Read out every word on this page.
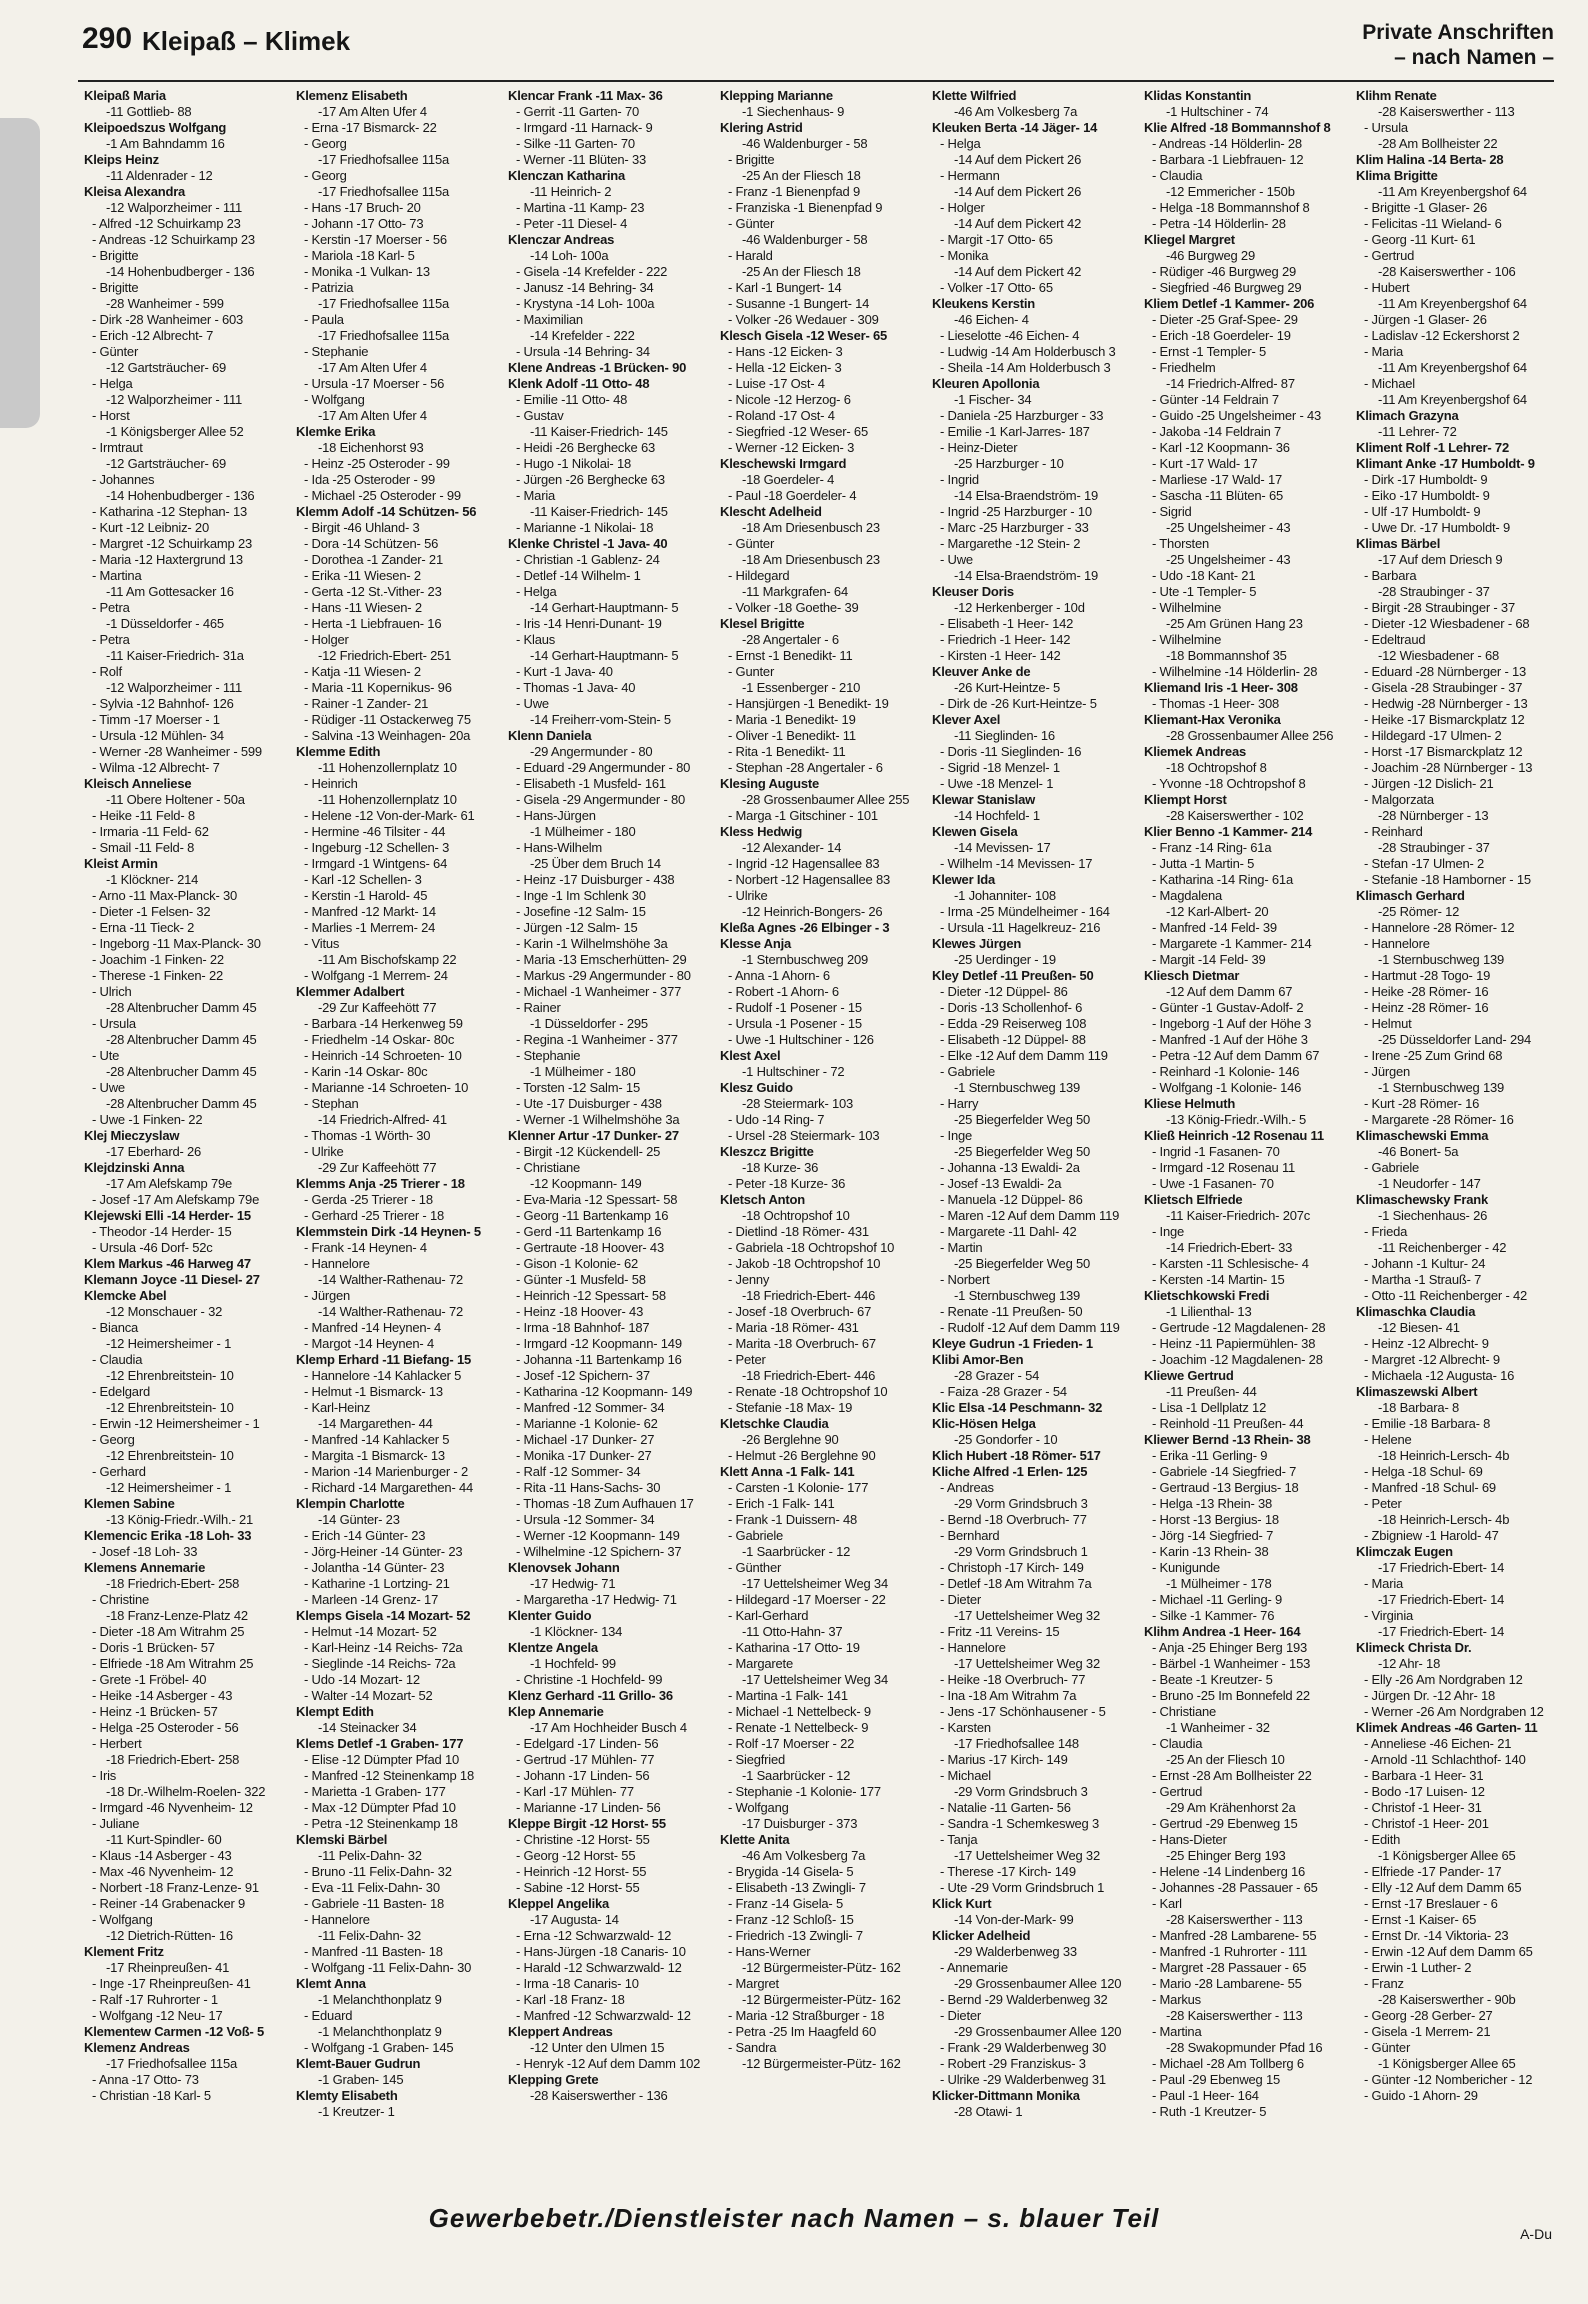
290 Kleipaß – Klimek	Private Anschriften
– nach Namen –
Kleipaß Maria
-11 Gottlieb- 88
Kleipoedszus Wolfgang
-1 Am Bahndamm 16
Kleips Heinz
-11 Aldenrader - 12
Kleisa Alexandra
-12 Walporzheimer - 111
- Alfred -12 Schuirkamp 23
- Andreas -12 Schuirkamp 23
- Brigitte
-14 Hohenbudberger - 136
- Brigitte
-28 Wanheimer - 599
- Dirk -28 Wanheimer - 603
- Erich -12 Albrecht- 7
- Günter
-12 Gartsträucher- 69
- Helga
-12 Walporzheimer - 111
- Horst
-1 Königsberger Allee 52
- Irmtraut
-12 Gartsträucher- 69
- Johannes
-14 Hohenbudberger - 136
- Katharina -12 Stephan- 13
- Kurt -12 Leibniz- 20
- Margret -12 Schuirkamp 23
- Maria -12 Haxtergrund 13
- Martina
-11 Am Gottesacker 16
- Petra
-1 Düsseldorfer - 465
- Petra
-11 Kaiser-Friedrich- 31a
- Rolf
-12 Walporzheimer - 111
- Sylvia -12 Bahnhof- 126
- Timm -17 Moerser - 1
- Ursula -12 Mühlen- 34
- Werner -28 Wanheimer - 599
- Wilma -12 Albrecht- 7
Kleisch Anneliese
-11 Obere Holtener - 50a
- Heike -11 Feld- 8
- Irmaria -11 Feld- 62
- Smail -11 Feld- 8
Kleist Armin
-1 Klöckner- 214
- Arno -11 Max-Planck- 30
- Dieter -1 Felsen- 32
- Erna -11 Tieck- 2
- Ingeborg -11 Max-Planck- 30
- Joachim -1 Finken- 22
- Therese -1 Finken- 22
- Ulrich
-28 Altenbrucher Damm 45
- Ursula
-28 Altenbrucher Damm 45
- Ute
-28 Altenbrucher Damm 45
- Uwe
-28 Altenbrucher Damm 45
- Uwe -1 Finken- 22
Klej Mieczyslaw
-17 Eberhard- 26
Klejdzinski Anna
-17 Am Alefskamp 79e
- Josef -17 Am Alefskamp 79e
Klejewski Elli -14 Herder- 15
- Theodor -14 Herder- 15
- Ursula -46 Dorf- 52c
Klem Markus -46 Harweg 47
Klemann Joyce -11 Diesel- 27
Klemcke Abel
-12 Monschauer - 32
- Bianca
-12 Heimersheimer - 1
- Claudia
-12 Ehrenbreitstein- 10
- Edelgard
-12 Ehrenbreitstein- 10
- Erwin -12 Heimersheimer - 1
- Georg
-12 Ehrenbreitstein- 10
- Gerhard
-12 Heimersheimer - 1
Klemen Sabine
-13 König-Friedr.-Wilh.- 21
Klemencic Erika -18 Loh- 33
- Josef -18 Loh- 33
Klemens Annemarie
-18 Friedrich-Ebert- 258
- Christine
-18 Franz-Lenze-Platz 42
- Dieter -18 Am Witrahm 25
- Doris -1 Brücken- 57
- Elfriede -18 Am Witrahm 25
- Grete -1 Fröbel- 40
- Heike -14 Asberger - 43
- Heinz -1 Brücken- 57
- Helga -25 Osteroder - 56
- Herbert
-18 Friedrich-Ebert- 258
- Iris
-18 Dr.-Wilhelm-Roelen- 322
- Irmgard -46 Nyvenheim- 12
- Juliane
-11 Kurt-Spindler- 60
- Klaus -14 Asberger - 43
- Max -46 Nyvenheim- 12
- Norbert -18 Franz-Lenze- 91
- Reiner -14 Grabenacker 9
- Wolfgang
-12 Dietrich-Rütten- 16
Klement Fritz
-17 Rheinpreußen- 41
- Inge -17 Rheinpreußen- 41
- Ralf -17 Ruhrorter - 1
- Wolfgang -12 Neu- 17
Klementew Carmen -12 Voß- 5
Klemenz Andreas
-17 Friedhofsallee 115a
- Anna -17 Otto- 73
- Christian -18 Karl- 5
Klemenz Elisabeth
-17 Am Alten Ufer 4
- Erna -17 Bismarck- 22
- Georg
-17 Friedhofsallee 115a
- Georg
-17 Friedhofsallee 115a
- Hans -17 Bruch- 20
- Johann -17 Otto- 73
- Kerstin -17 Moerser - 56
- Mariola -18 Karl- 5
- Monika -1 Vulkan- 13
- Patrizia
-17 Friedhofsallee 115a
- Paula
-17 Friedhofsallee 115a
- Stephanie
-17 Am Alten Ufer 4
- Ursula -17 Moerser - 56
- Wolfgang
-17 Am Alten Ufer 4
Klemke Erika
-18 Eichenhorst 93
- Heinz -25 Osteroder - 99
- Ida -25 Osteroder - 99
- Michael -25 Osteroder - 99
Klemm Adolf -14 Schützen- 56
- Birgit -46 Uhland- 3
- Dora -14 Schützen- 56
- Dorothea -1 Zander- 21
- Erika -11 Wiesen- 2
- Gerta -12 St.-Vither- 23
- Hans -11 Wiesen- 2
- Herta -1 Liebfrauen- 16
- Holger
-12 Friedrich-Ebert- 251
- Katja -11 Wiesen- 2
- Maria -11 Kopernikus- 96
- Rainer -1 Zander- 21
- Rüdiger -11 Ostackerweg 75
- Salvina -13 Weinhagen- 20a
Klemme Edith
-11 Hohenzollernplatz 10
- Heinrich
-11 Hohenzollernplatz 10
- Helene -12 Von-der-Mark- 61
- Hermine -46 Tilsiter - 44
- Ingeburg -12 Schellen- 3
- Irmgard -1 Wintgens- 64
- Karl -12 Schellen- 3
- Kerstin -1 Harold- 45
- Manfred -12 Markt- 14
- Marlies -1 Merrem- 24
- Vitus
-11 Am Bischofskamp 22
- Wolfgang -1 Merrem- 24
Klemmer Adalbert
-29 Zur Kaffeehött 77
- Barbara -14 Herkenweg 59
- Friedhelm -14 Oskar- 80c
- Heinrich -14 Schroeten- 10
- Karin -14 Oskar- 80c
- Marianne -14 Schroeten- 10
- Stephan
-14 Friedrich-Alfred- 41
- Thomas -1 Wörth- 30
- Ulrike
-29 Zur Kaffeehött 77
Klemms Anja -25 Trierer - 18
- Gerda -25 Trierer - 18
- Gerhard -25 Trierer - 18
Klemmstein Dirk -14 Heynen- 5
- Frank -14 Heynen- 4
- Hannelore
-14 Walther-Rathenau- 72
- Jürgen
-14 Walther-Rathenau- 72
- Manfred -14 Heynen- 4
- Margot -14 Heynen- 4
Klemp Erhard -11 Biefang- 15
- Hannelore -14 Kahlacker 5
- Helmut -1 Bismarck- 13
- Karl-Heinz
-14 Margarethen- 44
- Manfred -14 Kahlacker 5
- Margita -1 Bismarck- 13
- Marion -14 Marienburger - 2
- Richard -14 Margarethen- 44
Klempin Charlotte
-14 Günter- 23
- Erich -14 Günter- 23
- Jörg-Heiner -14 Günter- 23
- Jolantha -14 Günter- 23
- Katharine -1 Lortzing- 21
- Marleen -14 Grenz- 17
Klemps Gisela -14 Mozart- 52
- Helmut -14 Mozart- 52
- Karl-Heinz -14 Reichs- 72a
- Sieglinde -14 Reichs- 72a
- Udo -14 Mozart- 12
- Walter -14 Mozart- 52
Klempt Edith
-14 Steinacker 34
Klems Detlef -1 Graben- 177
- Elise -12 Dümpter Pfad 10
- Manfred -12 Steinenkamp 18
- Marietta -1 Graben- 177
- Max -12 Dümpter Pfad 10
- Petra -12 Steinenkamp 18
Klemski Bärbel
-11 Pelix-Dahn- 32
- Bruno -11 Felix-Dahn- 32
- Eva -11 Felix-Dahn- 30
- Gabriele -11 Basten- 18
- Hannelore
-11 Felix-Dahn- 32
- Manfred -11 Basten- 18
- Wolfgang -11 Felix-Dahn- 30
Klemt Anna
-1 Melanchthonplatz 9
- Eduard
-1 Melanchthonplatz 9
- Wolfgang -1 Graben- 145
Klemt-Bauer Gudrun
-1 Graben- 145
Klemty Elisabeth
-1 Kreutzer- 1
Klencar Frank -11 Max- 36
- Gerrit -11 Garten- 70
- Irmgard -11 Harnack- 9
- Silke -11 Garten- 70
- Werner -11 Blüten- 33
Klenczan Katharina
-11 Heinrich- 2
- Martina -11 Kamp- 23
- Peter -11 Diesel- 4
Klenczar Andreas
-14 Loh- 100a
- Gisela -14 Krefelder - 222
- Janusz -14 Behring- 34
- Krystyna -14 Loh- 100a
- Maximilian
-14 Krefelder - 222
- Ursula -14 Behring- 34
Klene Andreas -1 Brücken- 90
Klenk Adolf -11 Otto- 48
- Emilie -11 Otto- 48
- Gustav
-11 Kaiser-Friedrich- 145
- Heidi -26 Berghecke 63
- Hugo -1 Nikolai- 18
- Jürgen -26 Berghecke 63
- Maria
-11 Kaiser-Friedrich- 145
- Marianne -1 Nikolai- 18
Klenke Christel -1 Java- 40
- Christian -1 Gablenz- 24
- Detlef -14 Wilhelm- 1
- Helga
-14 Gerhart-Hauptmann- 5
- Iris -14 Henri-Dunant- 19
- Klaus
-14 Gerhart-Hauptmann- 5
- Kurt -1 Java- 40
- Thomas -1 Java- 40
- Uwe
-14 Freiherr-vom-Stein- 5
Klenn Daniela
-29 Angermunder - 80
- Eduard -29 Angermunder - 80
- Elisabeth -1 Musfeld- 161
- Gisela -29 Angermunder - 80
- Hans-Jürgen
-1 Mülheimer - 180
- Hans-Wilhelm
-25 Über dem Bruch 14
- Heinz -17 Duisburger - 438
- Inge -1 Im Schlenk 30
- Josefine -12 Salm- 15
- Jürgen -12 Salm- 15
- Karin -1 Wilhelmshöhe 3a
- Maria -13 Emscherhütten- 29
- Markus -29 Angermunder - 80
- Michael -1 Wanheimer - 377
- Rainer
-1 Düsseldorfer - 295
- Regina -1 Wanheimer - 377
- Stephanie
-1 Mülheimer - 180
- Torsten -12 Salm- 15
- Ute -17 Duisburger - 438
- Werner -1 Wilhelmshöhe 3a
Klenner Artur -17 Dunker- 27
- Birgit -12 Kückendell- 25
- Christiane
-12 Koopmann- 149
- Eva-Maria -12 Spessart- 58
- Georg -11 Bartenkamp 16
- Gerd -11 Bartenkamp 16
- Gertraute -18 Hoover- 43
- Gison -1 Kolonie- 62
- Günter -1 Musfeld- 58
- Heinrich -12 Spessart- 58
- Heinz -18 Hoover- 43
- Irma -18 Bahnhof- 187
- Irmgard -12 Koopmann- 149
- Johanna -11 Bartenkamp 16
- Josef -12 Spichern- 37
- Katharina -12 Koopmann- 149
- Manfred -12 Sommer- 34
- Marianne -1 Kolonie- 62
- Michael -17 Dunker- 27
- Monika -17 Dunker- 27
- Ralf -12 Sommer- 34
- Rita -11 Hans-Sachs- 30
- Thomas -18 Zum Aufhauen 17
- Ursula -12 Sommer- 34
- Werner -12 Koopmann- 149
- Wilhelmine -12 Spichern- 37
Klenovsek Johann
-17 Hedwig- 71
- Margaretha -17 Hedwig- 71
Klenter Guido
-1 Klöckner- 134
Klentze Angela
-1 Hochfeld- 99
- Christine -1 Hochfeld- 99
Klenz Gerhard -11 Grillo- 36
Klep Annemarie
-17 Am Hochheider Busch 4
- Edelgard -17 Linden- 56
- Gertrud -17 Mühlen- 77
- Johann -17 Linden- 56
- Karl -17 Mühlen- 77
- Marianne -17 Linden- 56
Kleppe Birgit -12 Horst- 55
- Christine -12 Horst- 55
- Georg -12 Horst- 55
- Heinrich -12 Horst- 55
- Sabine -12 Horst- 55
Kleppel Angelika
-17 Augusta- 14
- Erna -12 Schwarzwald- 12
- Hans-Jürgen -18 Canaris- 10
- Harald -12 Schwarzwald- 12
- Irma -18 Canaris- 10
- Karl -18 Franz- 18
- Manfred -12 Schwarzwald- 12
Kleppert Andreas
-12 Unter den Ulmen 15
- Henryk -12 Auf dem Damm 102
Klepping Grete
-28 Kaiserswerther - 136
Klepping Marianne
-1 Siechenhaus- 9
Klering Astrid
-46 Waldenburger - 58
- Brigitte
-25 An der Fliesch 18
- Franz -1 Bienenpfad 9
- Franziska -1 Bienenpfad 9
- Günter
-46 Waldenburger - 58
- Harald
-25 An der Fliesch 18
- Karl -1 Bungert- 14
- Susanne -1 Bungert- 14
- Volker -26 Wedauer - 309
Klesch Gisela -12 Weser- 65
- Hans -12 Eicken- 3
- Hella -12 Eicken- 3
- Luise -17 Ost- 4
- Nicole -12 Herzog- 6
- Roland -17 Ost- 4
- Siegfried -12 Weser- 65
- Werner -12 Eicken- 3
Kleschewski Irmgard
-18 Goerdeler- 4
- Paul -18 Goerdeler- 4
Klescht Adelheid
-18 Am Driesenbusch 23
- Günter
-18 Am Driesenbusch 23
- Hildegard
-11 Markgrafen- 64
- Volker -18 Goethe- 39
Klesel Brigitte
-28 Angertaler - 6
- Ernst -1 Benedikt- 11
- Gunter
-1 Essenberger - 210
- Hansjürgen -1 Benedikt- 19
- Maria -1 Benedikt- 19
- Oliver -1 Benedikt- 11
- Rita -1 Benedikt- 11
- Stephan -28 Angertaler - 6
Klesing Auguste
-28 Grossenbaumer Allee 255
- Marga -1 Gitschiner - 101
Kless Hedwig
-12 Alexander- 14
- Ingrid -12 Hagensallee 83
- Norbert -12 Hagensallee 83
- Ulrike
-12 Heinrich-Bongers- 26
Kleßa Agnes -26 Elbinger - 3
Klesse Anja
-1 Sternbuschweg 209
- Anna -1 Ahorn- 6
- Robert -1 Ahorn- 6
- Rudolf -1 Posener - 15
- Ursula -1 Posener - 15
- Uwe -1 Hultschiner - 126
Klest Axel
-1 Hultschiner - 72
Klesz Guido
-28 Steiermark- 103
- Udo -14 Ring- 7
- Ursel -28 Steiermark- 103
Kleszcz Brigitte
-18 Kurze- 36
- Peter -18 Kurze- 36
Kletsch Anton
-18 Ochtropshof 10
- Dietlind -18 Römer- 431
- Gabriela -18 Ochtropshof 10
- Jakob -18 Ochtropshof 10
- Jenny
-18 Friedrich-Ebert- 446
- Josef -18 Overbruch- 67
- Maria -18 Römer- 431
- Marita -18 Overbruch- 67
- Peter
-18 Friedrich-Ebert- 446
- Renate -18 Ochtropshof 10
- Stefanie -18 Max- 19
Kletschke Claudia
-26 Berglehne 90
- Helmut -26 Berglehne 90
Klett Anna -1 Falk- 141
- Carsten -1 Kolonie- 177
- Erich -1 Falk- 141
- Frank -1 Duissern- 48
- Gabriele
-1 Saarbrücker - 12
- Günther
-17 Uettelsheimer Weg 34
- Hildegard -17 Moerser - 22
- Karl-Gerhard
-11 Otto-Hahn- 37
- Katharina -17 Otto- 19
- Margarete
-17 Uettelsheimer Weg 34
- Martina -1 Falk- 141
- Michael -1 Nettelbeck- 9
- Renate -1 Nettelbeck- 9
- Rolf -17 Moerser - 22
- Siegfried
-1 Saarbrücker - 12
- Stephanie -1 Kolonie- 177
- Wolfgang
-17 Duisburger - 373
Klette Anita
-46 Am Volkesberg 7a
- Brygida -14 Gisela- 5
- Elisabeth -13 Zwingli- 7
- Franz -14 Gisela- 5
- Franz -12 Schloß- 15
- Friedrich -13 Zwingli- 7
- Hans-Werner
-12 Bürgermeister-Pütz- 162
- Margret
-12 Bürgermeister-Pütz- 162
- Maria -12 Straßburger - 18
- Petra -25 Im Haagfeld 60
- Sandra
-12 Bürgermeister-Pütz- 162
Klette Wilfried
-46 Am Volkesberg 7a
Kleuken Berta -14 Jäger- 14
- Helga
-14 Auf dem Pickert 26
- Hermann
-14 Auf dem Pickert 26
- Holger
-14 Auf dem Pickert 42
- Margit -17 Otto- 65
- Monika
-14 Auf dem Pickert 42
- Volker -17 Otto- 65
Kleukens Kerstin
-46 Eichen- 4
- Lieselotte -46 Eichen- 4
- Ludwig -14 Am Holderbusch 3
- Sheila -14 Am Holderbusch 3
Kleuren Apollonia
-1 Fischer- 34
- Daniela -25 Harzburger - 33
- Emilie -1 Karl-Jarres- 187
- Heinz-Dieter
-25 Harzburger - 10
- Ingrid
-14 Elsa-Braendström- 19
- Ingrid -25 Harzburger - 10
- Marc -25 Harzburger - 33
- Margarethe -12 Stein- 2
- Uwe
-14 Elsa-Braendström- 19
Kleuser Doris
-12 Herkenberger - 10d
- Elisabeth -1 Heer- 142
- Friedrich -1 Heer- 142
- Kirsten -1 Heer- 142
Kleuver Anke de
-26 Kurt-Heintze- 5
- Dirk de -26 Kurt-Heintze- 5
Klever Axel
-11 Sieglinden- 16
- Doris -11 Sieglinden- 16
- Sigrid -18 Menzel- 1
- Uwe -18 Menzel- 1
Klewar Stanislaw
-14 Hochfeld- 1
Klewen Gisela
-14 Mevissen- 17
- Wilhelm -14 Mevissen- 17
Klewer Ida
-1 Johanniter- 108
- Irma -25 Mündelheimer - 164
- Ursula -11 Hagelkreuz- 216
Klewes Jürgen
-25 Uerdinger - 19
Kley Detlef -11 Preußen- 50
- Dieter -12 Düppel- 86
- Doris -13 Schollenhof- 6
- Edda -29 Reiserweg 108
- Elisabeth -12 Düppel- 88
- Elke -12 Auf dem Damm 119
- Gabriele
-1 Sternbuschweg 139
- Harry
-25 Biegerfelder Weg 50
- Inge
-25 Biegerfelder Weg 50
- Johanna -13 Ewaldi- 2a
- Josef -13 Ewaldi- 2a
- Manuela -12 Düppel- 86
- Maren -12 Auf dem Damm 119
- Margarete -11 Dahl- 42
- Martin
-25 Biegerfelder Weg 50
- Norbert
-1 Sternbuschweg 139
- Renate -11 Preußen- 50
- Rudolf -12 Auf dem Damm 119
Kleye Gudrun -1 Frieden- 1
Klibi Amor-Ben
-28 Grazer - 54
- Faiza -28 Grazer - 54
Klic Elsa -14 Peschmann- 32
Klic-Hösen Helga
-25 Gondorfer - 10
Klich Hubert -18 Römer- 517
Kliche Alfred -1 Erlen- 125
- Andreas
-29 Vorm Grindsbruch 3
- Bernd -18 Overbruch- 77
- Bernhard
-29 Vorm Grindsbruch 1
- Christoph -17 Kirch- 149
- Detlef -18 Am Witrahm 7a
- Dieter
-17 Uettelsheimer Weg 32
- Fritz -11 Vereins- 15
- Hannelore
-17 Uettelsheimer Weg 32
- Heike -18 Overbruch- 77
- Ina -18 Am Witrahm 7a
- Jens -17 Schönhausener - 5
- Karsten
-17 Friedhofsallee 148
- Marius -17 Kirch- 149
- Michael
-29 Vorm Grindsbruch 3
- Natalie -11 Garten- 56
- Sandra -1 Schemkesweg 3
- Tanja
-17 Uettelsheimer Weg 32
- Therese -17 Kirch- 149
- Ute -29 Vorm Grindsbruch 1
Klick Kurt
-14 Von-der-Mark- 99
Klicker Adelheid
-29 Walderbenweg 33
- Annemarie
-29 Grossenbaumer Allee 120
- Bernd -29 Walderbenweg 32
- Dieter
-29 Grossenbaumer Allee 120
- Frank -29 Walderbenweg 30
- Robert -29 Franziskus- 3
- Ulrike -29 Walderbenweg 31
Klicker-Dittmann Monika
-28 Otawi- 1
Klidas Konstantin
-1 Hultschiner - 74
Klie Alfred -18 Bommannshof 8
- Andreas -14 Hölderlin- 28
- Barbara -1 Liebfrauen- 12
- Claudia
-12 Emmericher - 150b
- Helga -18 Bommannshof 8
- Petra -14 Hölderlin- 28
Kliegel Margret
-46 Burgweg 29
- Rüdiger -46 Burgweg 29
- Siegfried -46 Burgweg 29
Kliem Detlef -1 Kammer- 206
- Dieter -25 Graf-Spee- 29
- Erich -18 Goerdeler- 19
- Ernst -1 Templer- 5
- Friedhelm
-14 Friedrich-Alfred- 87
- Günter -14 Feldrain 7
- Guido -25 Ungelsheimer - 43
- Jakoba -14 Feldrain 7
- Karl -12 Koopmann- 36
- Kurt -17 Wald- 17
- Marliese -17 Wald- 17
- Sascha -11 Blüten- 65
- Sigrid
-25 Ungelsheimer - 43
- Thorsten
-25 Ungelsheimer - 43
- Udo -18 Kant- 21
- Ute -1 Templer- 5
- Wilhelmine
-25 Am Grünen Hang 23
- Wilhelmine
-18 Bommannshof 35
- Wilhelmine -14 Hölderlin- 28
Kliemand Iris -1 Heer- 308
- Thomas -1 Heer- 308
Kliemant-Hax Veronika
-28 Grossenbaumer Allee 256
Kliemek Andreas
-18 Ochtropshof 8
- Yvonne -18 Ochtropshof 8
Kliempt Horst
-28 Kaiserswerther - 102
Klier Benno -1 Kammer- 214
- Franz -14 Ring- 61a
- Jutta -1 Martin- 5
- Katharina -14 Ring- 61a
- Magdalena
-12 Karl-Albert- 20
- Manfred -14 Feld- 39
- Margarete -1 Kammer- 214
- Margit -14 Feld- 39
Kliesch Dietmar
-12 Auf dem Damm 67
- Günter -1 Gustav-Adolf- 2
- Ingeborg -1 Auf der Höhe 3
- Manfred -1 Auf der Höhe 3
- Petra -12 Auf dem Damm 67
- Reinhard -1 Kolonie- 146
- Wolfgang -1 Kolonie- 146
Kliese Helmuth
-13 König-Friedr.-Wilh.- 5
Kließ Heinrich -12 Rosenau 11
- Ingrid -1 Fasanen- 70
- Irmgard -12 Rosenau 11
- Uwe -1 Fasanen- 70
Klietsch Elfriede
-11 Kaiser-Friedrich- 207c
- Inge
-14 Friedrich-Ebert- 33
- Karsten -11 Schlesische- 4
- Kersten -14 Martin- 15
Klietschkowski Fredi
-1 Lilienthal- 13
- Gertrude -12 Magdalenen- 28
- Heinz -11 Papiermühlen- 38
- Joachim -12 Magdalenen- 28
Kliewe Gertrud
-11 Preußen- 44
- Lisa -1 Dellplatz 12
- Reinhold -11 Preußen- 44
Kliewer Bernd -13 Rhein- 38
- Erika -11 Gerling- 9
- Gabriele -14 Siegfried- 7
- Gertraud -13 Bergius- 18
- Helga -13 Rhein- 38
- Horst -13 Bergius- 18
- Jörg -14 Siegfried- 7
- Karin -13 Rhein- 38
- Kunigunde
-1 Mülheimer - 178
- Michael -11 Gerling- 9
- Silke -1 Kammer- 76
Klihm Andrea -1 Heer- 164
- Anja -25 Ehinger Berg 193
- Bärbel -1 Wanheimer - 153
- Beate -1 Kreutzer- 5
- Bruno -25 Im Bonnefeld 22
- Christiane
-1 Wanheimer - 32
- Claudia
-25 An der Fliesch 10
- Ernst -28 Am Bollheister 22
- Gertrud
-29 Am Krähenhorst 2a
- Gertrud -29 Ebenweg 15
- Hans-Dieter
-25 Ehinger Berg 193
- Helene -14 Lindenberg 16
- Johannes -28 Passauer - 65
- Karl
-28 Kaiserswerther - 113
- Manfred -28 Lambarene- 55
- Manfred -1 Ruhrorter - 111
- Margret -28 Passauer - 65
- Mario -28 Lambarene- 55
- Markus
-28 Kaiserswerther - 113
- Martina
-28 Swakopmunder Pfad 16
- Michael -28 Am Tollberg 6
- Paul -29 Ebenweg 15
- Paul -1 Heer- 164
- Ruth -1 Kreutzer- 5
Klihm Renate
-28 Kaiserswerther - 113
- Ursula
-28 Am Bollheister 22
Klim Halina -14 Berta- 28
Klima Brigitte
-11 Am Kreyenbergshof 64
- Brigitte -1 Glaser- 26
- Felicitas -11 Wieland- 6
- Georg -11 Kurt- 61
- Gertrud
-28 Kaiserswerther - 106
- Hubert
-11 Am Kreyenbergshof 64
- Jürgen -1 Glaser- 26
- Ladislav -12 Eckershorst 2
- Maria
-11 Am Kreyenbergshof 64
- Michael
-11 Am Kreyenbergshof 64
Klimach Grazyna
-11 Lehrer- 72
Kliment Rolf -1 Lehrer- 72
Klimant Anke -17 Humboldt- 9
- Dirk -17 Humboldt- 9
- Eiko -17 Humboldt- 9
- Ulf -17 Humboldt- 9
- Uwe Dr. -17 Humboldt- 9
Klimas Bärbel
-17 Auf dem Driesch 9
- Barbara
-28 Straubinger - 37
- Birgit -28 Straubinger - 37
- Dieter -12 Wiesbadener - 68
- Edeltraud
-12 Wiesbadener - 68
- Eduard -28 Nürnberger - 13
- Gisela -28 Straubinger - 37
- Hedwig -28 Nürnberger - 13
- Heike -17 Bismarckplatz 12
- Hildegard -17 Ulmen- 2
- Horst -17 Bismarckplatz 12
- Joachim -28 Nürnberger - 13
- Jürgen -12 Dislich- 21
- Malgorzata
-28 Nürnberger - 13
- Reinhard
-28 Straubinger - 37
- Stefan -17 Ulmen- 2
- Stefanie -18 Hamborner - 15
Klimasch Gerhard
-25 Römer- 12
- Hannelore -28 Römer- 12
- Hannelore
-1 Sternbuschweg 139
- Hartmut -28 Togo- 19
- Heike -28 Römer- 16
- Heinz -28 Römer- 16
- Helmut
-25 Düsseldorfer Land- 294
- Irene -25 Zum Grind 68
- Jürgen
-1 Sternbuschweg 139
- Kurt -28 Römer- 16
- Margarete -28 Römer- 16
Klimaschewski Emma
-46 Bonert- 5a
- Gabriele
-1 Neudorfer - 147
Klimaschewsky Frank
-1 Siechenhaus- 26
- Frieda
-11 Reichenberger - 42
- Johann -1 Kultur- 24
- Martha -1 Strauß- 7
- Otto -11 Reichenberger - 42
Klimaschka Claudia
-12 Biesen- 41
- Heinz -12 Albrecht- 9
- Margret -12 Albrecht- 9
- Michaela -12 Augusta- 16
Klimaszewski Albert
-18 Barbara- 8
- Emilie -18 Barbara- 8
- Helene
-18 Heinrich-Lersch- 4b
- Helga -18 Schul- 69
- Manfred -18 Schul- 69
- Peter
-18 Heinrich-Lersch- 4b
- Zbigniew -1 Harold- 47
Klimczak Eugen
-17 Friedrich-Ebert- 14
- Maria
-17 Friedrich-Ebert- 14
- Virginia
-17 Friedrich-Ebert- 14
Klimeck Christa Dr.
-12 Ahr- 18
- Elly -26 Am Nordgraben 12
- Jürgen Dr. -12 Ahr- 18
- Werner -26 Am Nordgraben 12
Klimek Andreas -46 Garten- 11
- Anneliese -46 Eichen- 21
- Arnold -11 Schlachthof- 140
- Barbara -1 Heer- 31
- Bodo -17 Luisen- 12
- Christof -1 Heer- 31
- Christof -1 Heer- 201
- Edith
-1 Königsberger Allee 65
- Elfriede -17 Pander- 17
- Elly -12 Auf dem Damm 65
- Ernst -17 Breslauer - 6
- Ernst -1 Kaiser- 65
- Ernst Dr. -14 Viktoria- 23
- Erwin -12 Auf dem Damm 65
- Erwin -1 Luther- 2
- Franz
-28 Kaiserswerther - 90b
- Georg -28 Gerber- 27
- Gisela -1 Merrem- 21
- Günter
-1 Königsberger Allee 65
- Günter -12 Nombericher - 12
- Guido -1 Ahorn- 29
Gewerbebetr./Dienstleister nach Namen – s. blauer Teil
A-Du
